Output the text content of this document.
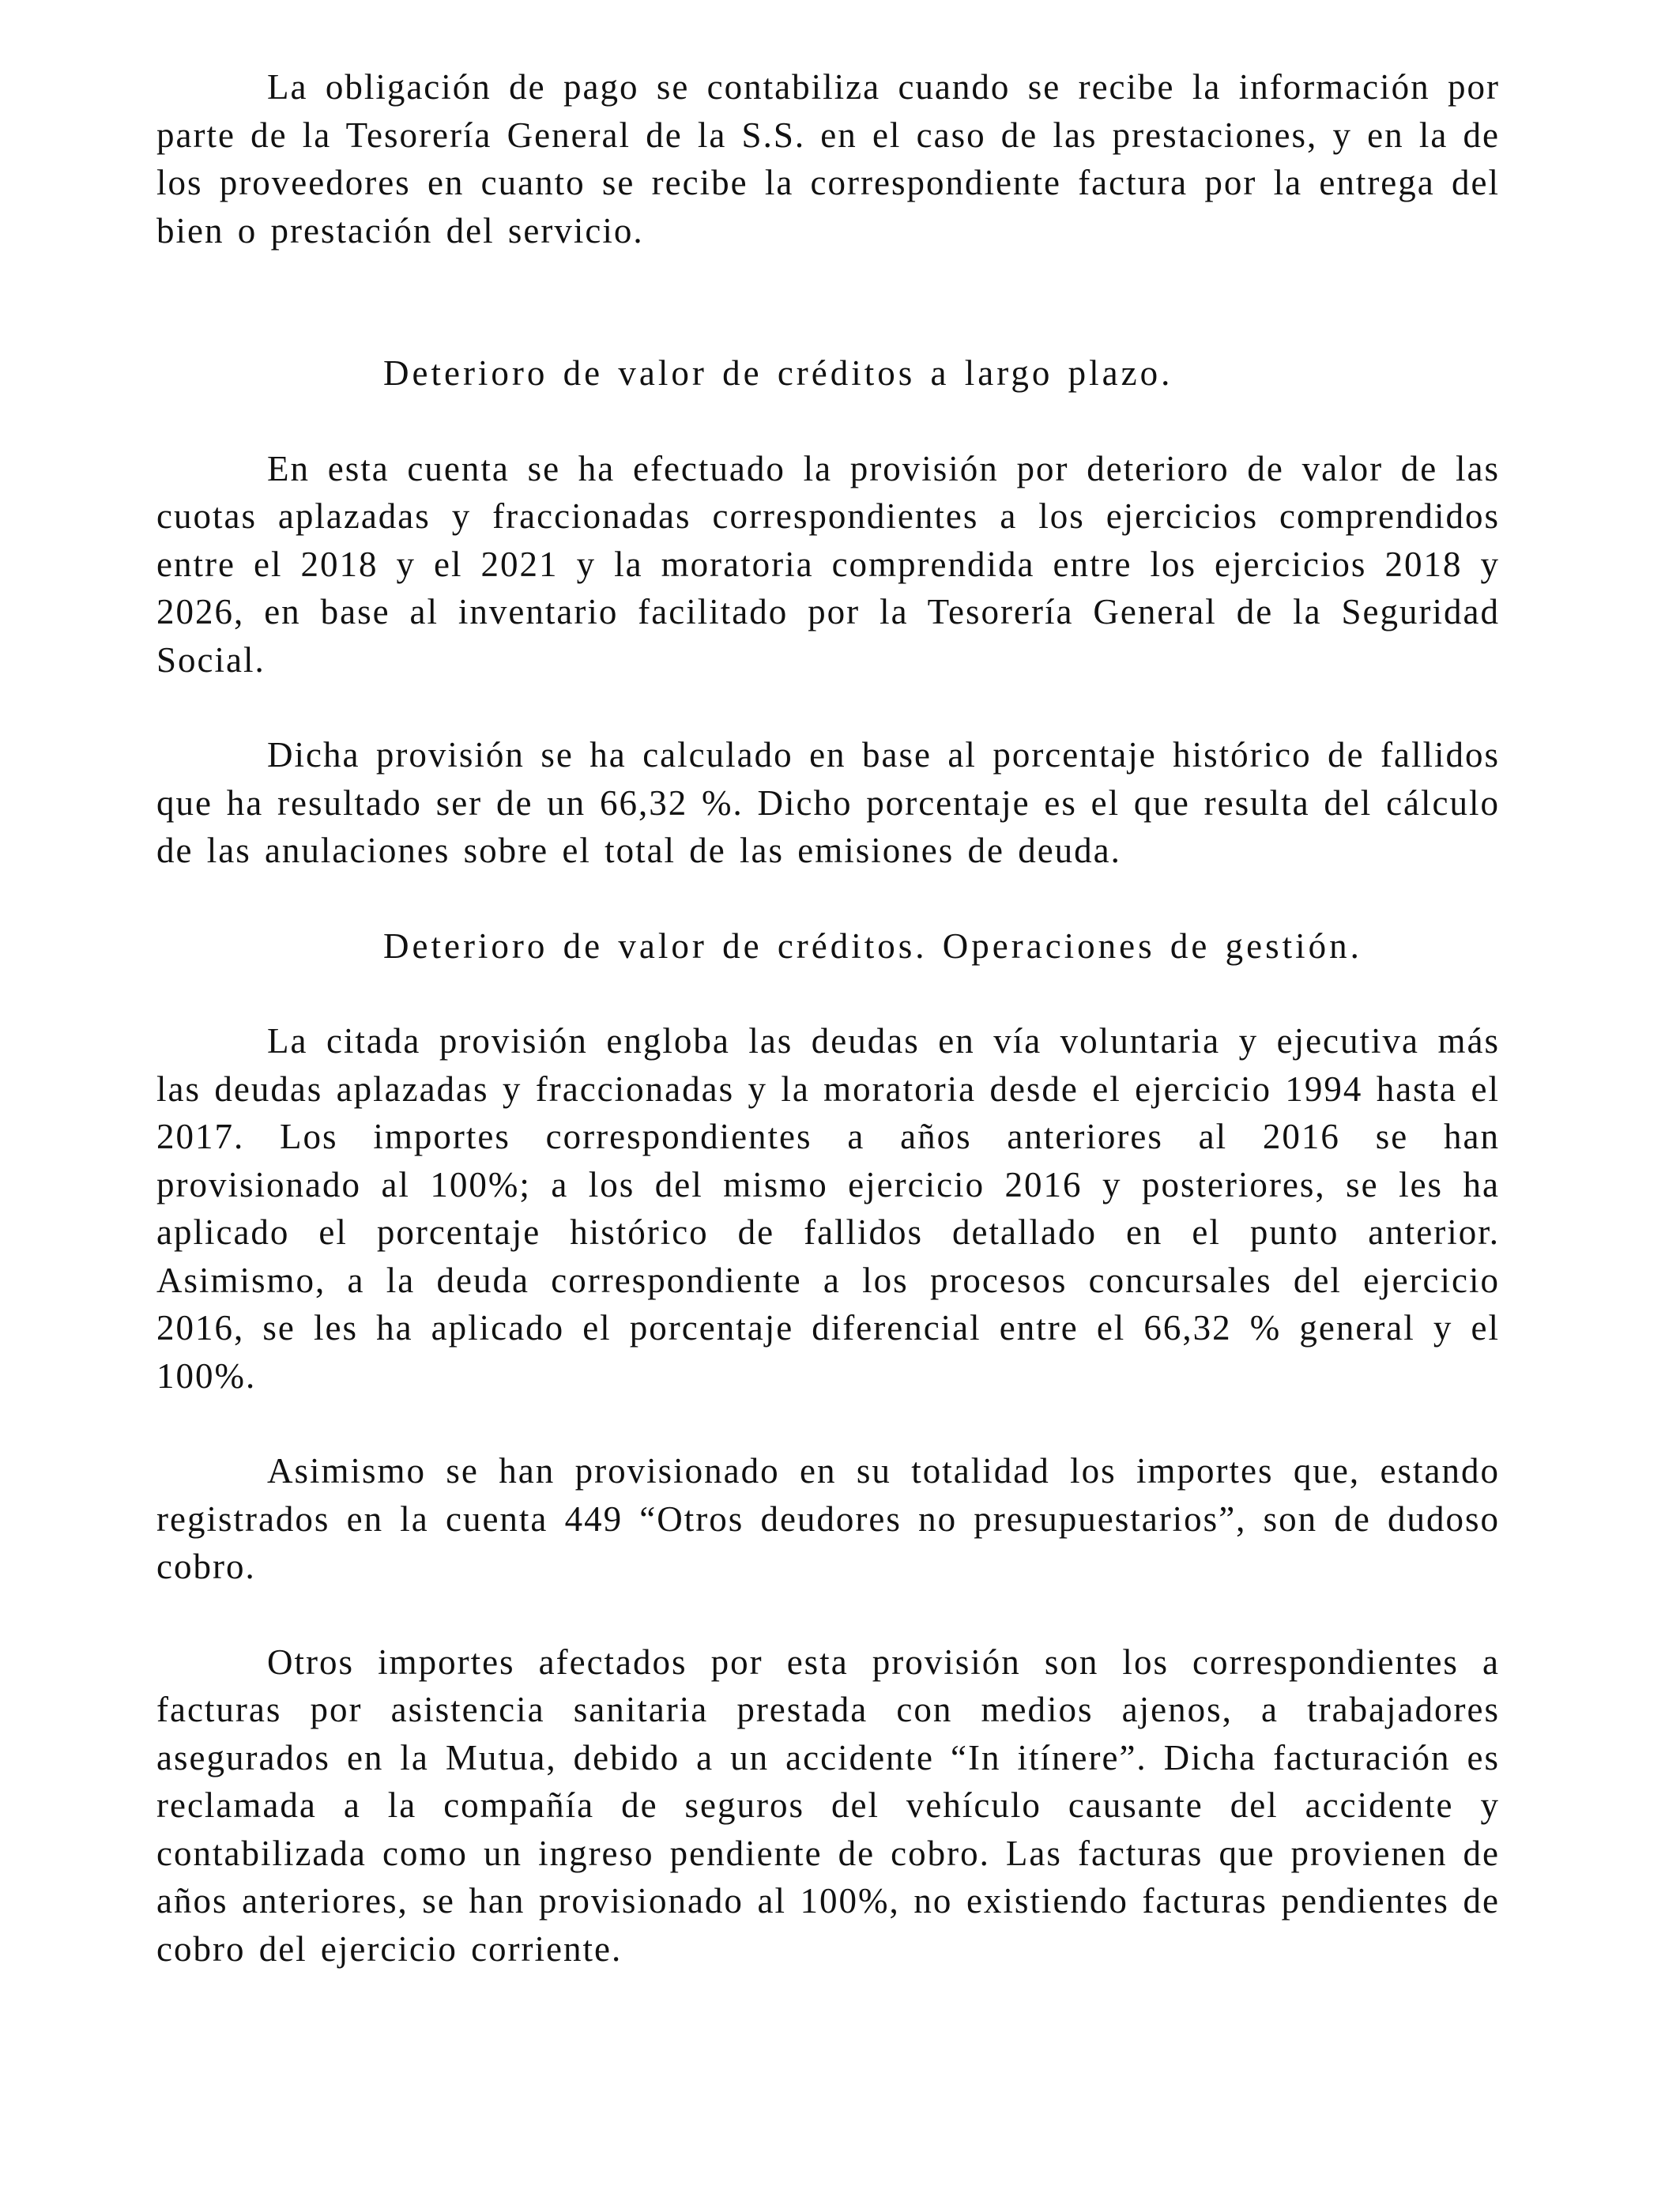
La obligación de pago se contabiliza cuando se recibe la información por parte de la Tesorería General de la S.S. en el caso de las prestaciones, y en la de los proveedores en cuanto se recibe la correspondiente factura por la entrega del bien o prestación del servicio.

Deterioro de valor de créditos a largo plazo.

En esta cuenta se ha efectuado la provisión por deterioro de valor de las cuotas aplazadas y fraccionadas correspondientes a los ejercicios comprendidos entre el 2018 y el 2021 y la moratoria comprendida entre los ejercicios 2018 y 2026, en base al inventario facilitado por la Tesorería General de la Seguridad Social.

Dicha provisión se ha calculado en base al porcentaje histórico de fallidos que ha resultado ser de un 66,32 %. Dicho porcentaje es el que resulta del cálculo de las anulaciones sobre el total de las emisiones de deuda.

Deterioro de valor de créditos. Operaciones de gestión.

La citada provisión engloba las deudas en vía voluntaria y ejecutiva más las deudas aplazadas y fraccionadas y la moratoria desde el ejercicio 1994 hasta el 2017. Los importes correspondientes a años anteriores al 2016 se han provisionado al 100%; a los del mismo ejercicio 2016 y posteriores, se les ha aplicado el porcentaje histórico de fallidos detallado en el punto anterior. Asimismo, a la deuda correspondiente a los procesos concursales del ejercicio 2016, se les ha aplicado el porcentaje diferencial entre el 66,32 % general y el 100%.

Asimismo se han provisionado en su totalidad los importes que, estando registrados en la cuenta 449 “Otros deudores no presupuestarios”, son de dudoso cobro.

Otros importes afectados por esta provisión son los correspondientes a facturas por asistencia sanitaria prestada con medios ajenos, a trabajadores asegurados en la Mutua, debido a un accidente “In itínere”. Dicha facturación es reclamada a la compañía de seguros del vehículo causante del accidente y contabilizada como un ingreso pendiente de cobro. Las facturas que provienen de años anteriores, se han provisionado al 100%, no existiendo facturas pendientes de cobro del ejercicio corriente.
